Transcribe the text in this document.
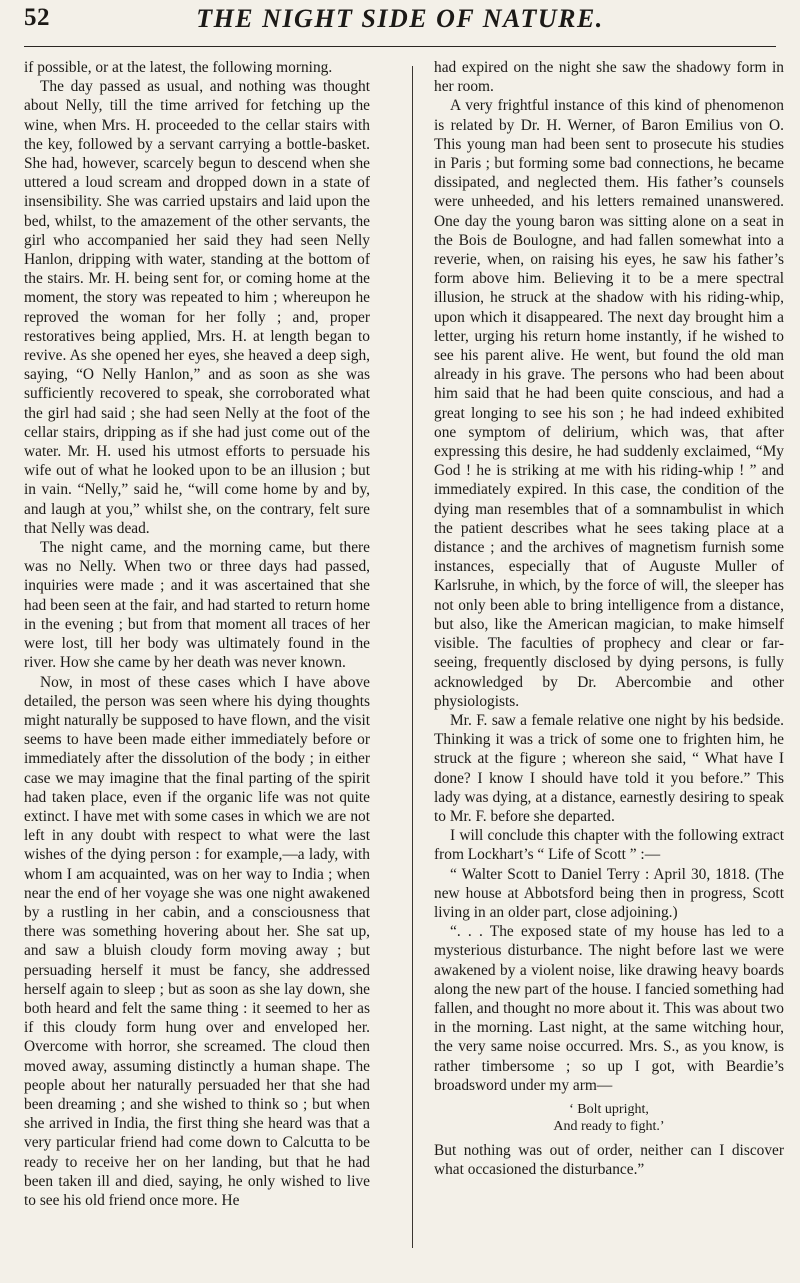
52	THE NIGHT SIDE OF NATURE.

if possible, or at the latest, the following morning.

The day passed as usual, and nothing was thought about Nelly, till the time arrived for fetching up the wine, when Mrs. H. proceeded to the cellar stairs with the key, followed by a servant carrying a bottle-basket. She had, however, scarcely begun to descend when she uttered a loud scream and dropped down in a state of insensibility. She was carried upstairs and laid upon the bed, whilst, to the amazement of the other servants, the girl who accompanied her said they had seen Nelly Hanlon, dripping with water, standing at the bottom of the stairs. Mr. H. being sent for, or coming home at the moment, the story was repeated to him ; whereupon he reproved the woman for her folly ; and, proper restoratives being applied, Mrs. H. at length began to revive. As she opened her eyes, she heaved a deep sigh, saying, “O Nelly Hanlon,” and as soon as she was sufficiently recovered to speak, she corroborated what the girl had said ; she had seen Nelly at the foot of the cellar stairs, dripping as if she had just come out of the water. Mr. H. used his utmost efforts to persuade his wife out of what he looked upon to be an illusion ; but in vain. “Nelly,” said he, “will come home by and by, and laugh at you,” whilst she, on the contrary, felt sure that Nelly was dead.

The night came, and the morning came, but there was no Nelly. When two or three days had passed, inquiries were made ; and it was ascertained that she had been seen at the fair, and had started to return home in the evening ; but from that moment all traces of her were lost, till her body was ultimately found in the river. How she came by her death was never known.

Now, in most of these cases which I have above detailed, the person was seen where his dying thoughts might naturally be supposed to have flown, and the visit seems to have been made either immediately before or immediately after the dissolution of the body ; in either case we may imagine that the final parting of the spirit had taken place, even if the organic life was not quite extinct. I have met with some cases in which we are not left in any doubt with respect to what were the last wishes of the dying person : for example,—a lady, with whom I am acquainted, was on her way to India ; when near the end of her voyage she was one night awakened by a rustling in her cabin, and a consciousness that there was something hovering about her. She sat up, and saw a bluish cloudy form moving away ; but persuading herself it must be fancy, she addressed herself again to sleep ; but as soon as she lay down, she both heard and felt the same thing : it seemed to her as if this cloudy form hung over and enveloped her. Overcome with horror, she screamed. The cloud then moved away, assuming distinctly a human shape. The people about her naturally persuaded her that she had been dreaming ; and she wished to think so ; but when she arrived in India, the first thing she heard was that a very particular friend had come down to Calcutta to be ready to receive her on her landing, but that he had been taken ill and died, saying, he only wished to live to see his old friend once more. He

had expired on the night she saw the shadowy form in her room.

A very frightful instance of this kind of phenomenon is related by Dr. H. Werner, of Baron Emilius von O. This young man had been sent to prosecute his studies in Paris ; but forming some bad connections, he became dissipated, and neglected them. His father’s counsels were unheeded, and his letters remained unanswered. One day the young baron was sitting alone on a seat in the Bois de Boulogne, and had fallen somewhat into a reverie, when, on raising his eyes, he saw his father’s form above him. Believing it to be a mere spectral illusion, he struck at the shadow with his riding-whip, upon which it disappeared. The next day brought him a letter, urging his return home instantly, if he wished to see his parent alive. He went, but found the old man already in his grave. The persons who had been about him said that he had been quite conscious, and had a great longing to see his son ; he had indeed exhibited one symptom of delirium, which was, that after expressing this desire, he had suddenly exclaimed, “My God ! he is striking at me with his riding-whip ! ” and immediately expired. In this case, the condition of the dying man resembles that of a somnambulist in which the patient describes what he sees taking place at a distance ; and the archives of magnetism furnish some instances, especially that of Auguste Muller of Karlsruhe, in which, by the force of will, the sleeper has not only been able to bring intelligence from a distance, but also, like the American magician, to make himself visible. The faculties of prophecy and clear or far-seeing, frequently disclosed by dying persons, is fully acknowledged by Dr. Abercombie and other physiologists.

Mr. F. saw a female relative one night by his bedside. Thinking it was a trick of some one to frighten him, he struck at the figure ; whereon she said, “ What have I done? I know I should have told it you before.” This lady was dying, at a distance, earnestly desiring to speak to Mr. F. before she departed.

I will conclude this chapter with the following extract from Lockhart’s “ Life of Scott ” :—

“ Walter Scott to Daniel Terry : April 30, 1818. (The new house at Abbotsford being then in progress, Scott living in an older part, close adjoining.)

“. . . The exposed state of my house has led to a mysterious disturbance. The night before last we were awakened by a violent noise, like drawing heavy boards along the new part of the house. I fancied something had fallen, and thought no more about it. This was about two in the morning. Last night, at the same witching hour, the very same noise occurred. Mrs. S., as you know, is rather timbersome ; so up I got, with Beardie’s broadsword under my arm—

‘ Bolt upright,
And ready to fight.’

But nothing was out of order, neither can I discover what occasioned the disturbance.”
